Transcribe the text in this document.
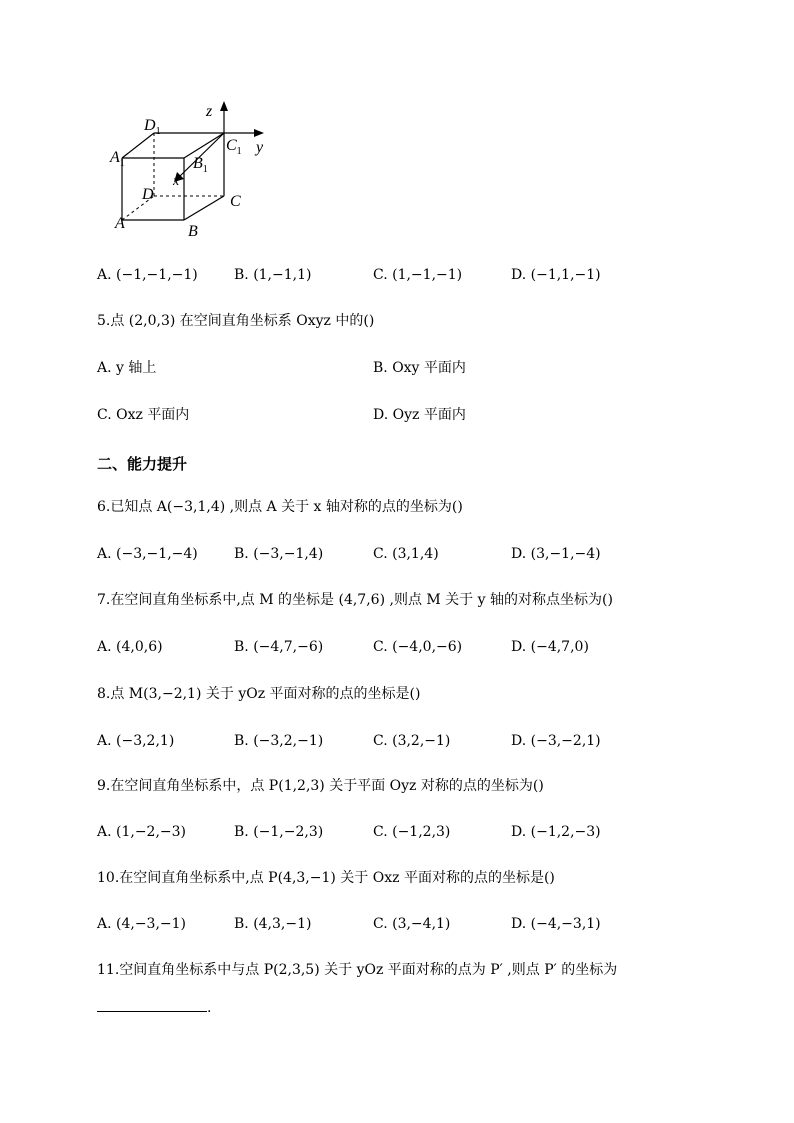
z
y
x
$D_1$
$A_1$	$B_1$
$C_1$
D	C
A	B
A. (−1,−1,−1)	B. (1,−1,1)	C. (1,−1,−1)	D. (−1,1,−1)
5.点 (2,0,3) 在空间直角坐标系 Oxyz 中的()
A. y 轴上	B. Oxy 平面内
C. Oxz 平面内	D. Oyz 平面内
二、能力提升
6.已知点 A(−3,1,4) ,则点 A 关于 x 轴对称的点的坐标为()
A. (−3,−1,−4)	B. (−3,−1,4)	C. (3,1,4)	D. (3,−1,−4)
7.在空间直角坐标系中,点 M 的坐标是 (4,7,6) ,则点 M 关于 y 轴的对称点坐标为()
A. (4,0,6)	B. (−4,7,−6)	C. (−4,0,−6)	D. (−4,7,0)
8.点 M(3,−2,1) 关于 yOz 平面对称的点的坐标是()
A. (−3,2,1)	B. (−3,2,−1)	C. (3,2,−1)	D. (−3,−2,1)
9.在空间直角坐标系中，点 P(1,2,3) 关于平面 Oyz 对称的点的坐标为()
A. (1,−2,−3)	B. (−1,−2,3)	C. (−1,2,3)	D. (−1,2,−3)
10.在空间直角坐标系中,点 P(4,3,−1) 关于 Oxz 平面对称的点的坐标是()
A. (4,−3,−1)	B. (4,3,−1)	C. (3,−4,1)	D. (−4,−3,1)
11.空间直角坐标系中与点 P(2,3,5) 关于 yOz 平面对称的点为 P′ ,则点 P′ 的坐标为
.
